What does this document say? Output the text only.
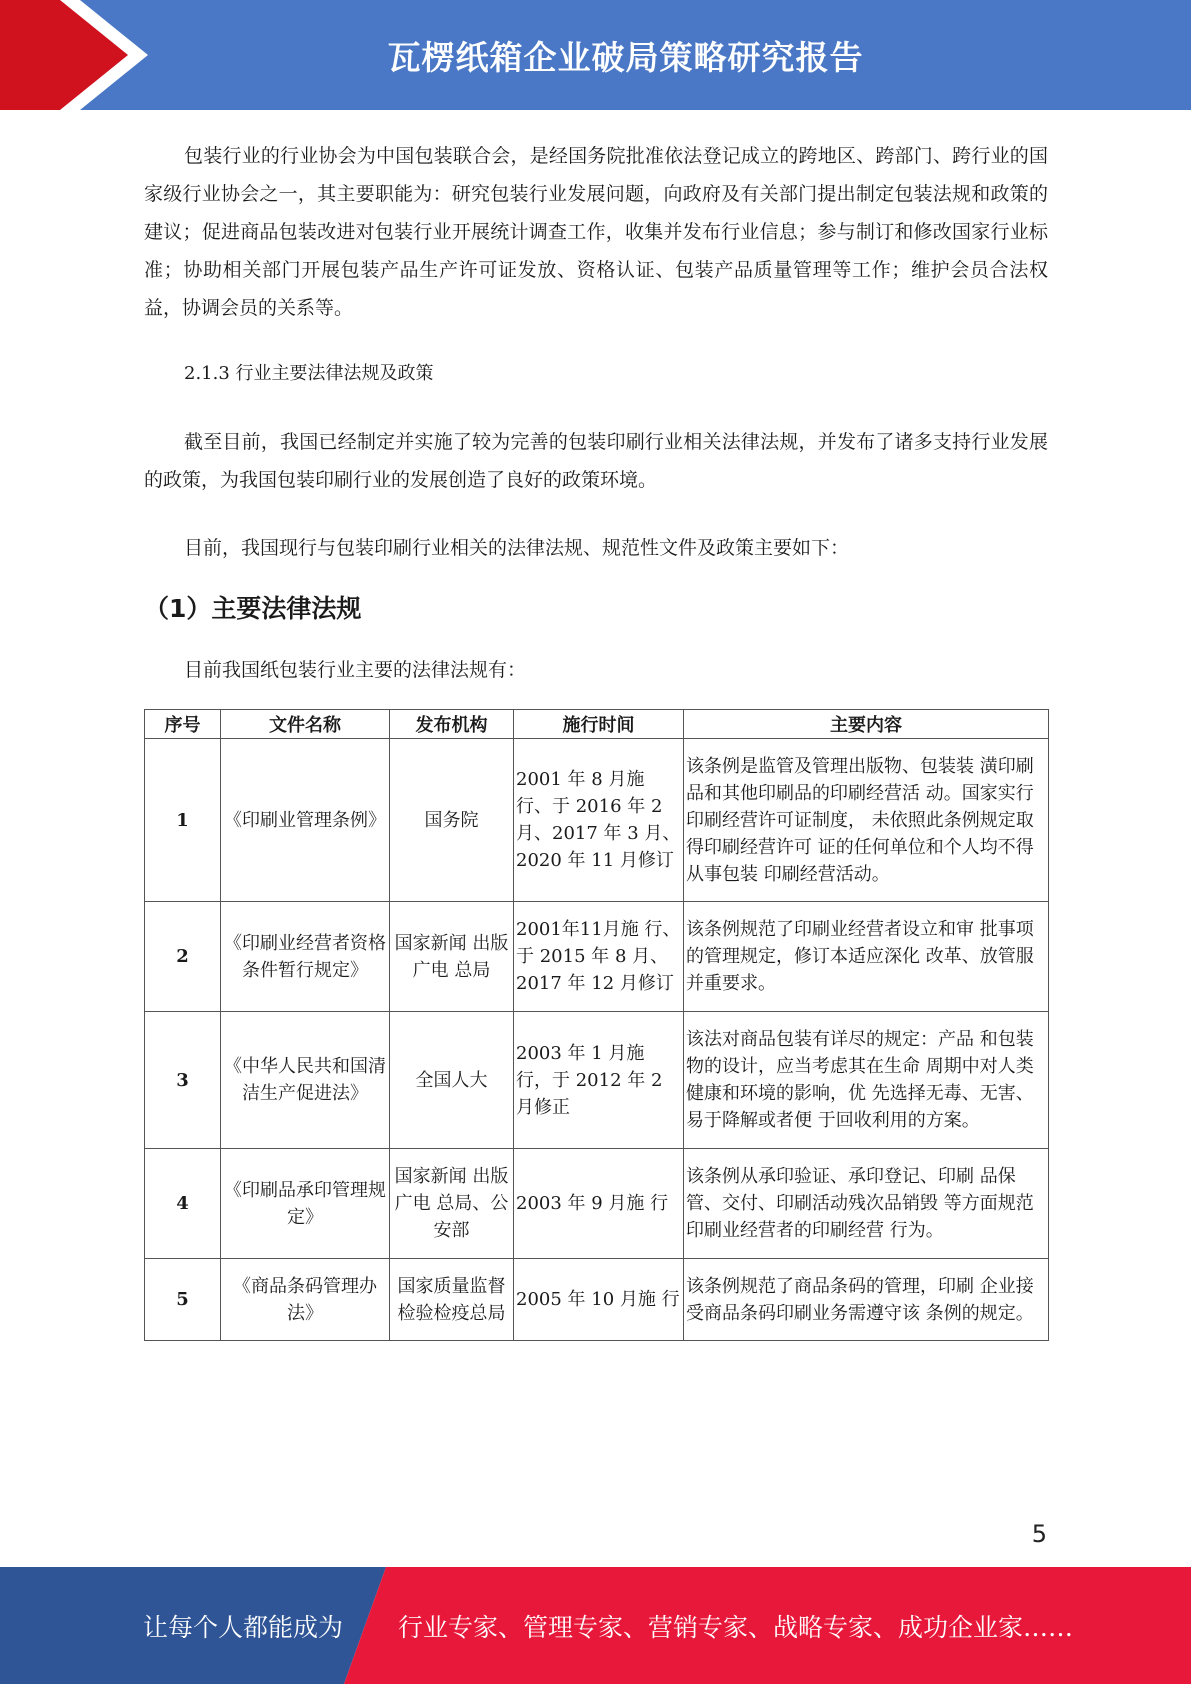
瓦楞纸箱企业破局策略研究报告

包装行业的行业协会为中国包装联合会，是经国务院批准依法登记成立的跨地区、跨部门、跨行业的国家级行业协会之一，其主要职能为：研究包装行业发展问题，向政府及有关部门提出制定包装法规和政策的建议；促进商品包装改进对包装行业开展统计调查工作，收集并发布行业信息；参与制订和修改国家行业标准；协助相关部门开展包装产品生产许可证发放、资格认证、包装产品质量管理等工作；维护会员合法权益，协调会员的关系等。

2.1.3 行业主要法律法规及政策

截至目前，我国已经制定并实施了较为完善的包装印刷行业相关法律法规，并发布了诸多支持行业发展的政策，为我国包装印刷行业的发展创造了良好的政策环境。

目前，我国现行与包装印刷行业相关的法律法规、规范性文件及政策主要如下：

（1）主要法律法规

目前我国纸包装行业主要的法律法规有：

序号	文件名称	发布机构	施行时间	主要内容
1	《印刷业管理条例》	国务院	2001 年 8 月施 行、于 2016 年 2 月、2017 年 3 月、2020 年 11 月修订	该条例是监管及管理出版物、包装装 潢印刷品和其他印刷品的印刷经营活 动。国家实行印刷经营许可证制度， 未依照此条例规定取得印刷经营许可 证的任何单位和个人均不得从事包装 印刷经营活动。
2	《印刷业经营者资格条件暂行规定》	国家新闻 出版广电 总局	2001年11月施 行、于 2015 年 8 月、2017 年 12 月修订	该条例规范了印刷业经营者设立和审 批事项的管理规定，修订本适应深化 改革、放管服并重要求。
3	《中华人民共和国清洁生产促进法》	全国人大	2003 年 1 月施 行，于 2012 年 2 月修正	该法对商品包装有详尽的规定：产品 和包装物的设计，应当考虑其在生命 周期中对人类健康和环境的影响，优 先选择无毒、无害、易于降解或者便 于回收利用的方案。
4	《印刷品承印管理规定》	国家新闻 出版广电 总局、公 安部	2003 年 9 月施 行	该条例从承印验证、承印登记、印刷 品保管、交付、印刷活动残次品销毁 等方面规范印刷业经营者的印刷经营 行为。
5	《商品条码管理办法》	国家质量监督检验检疫总局	2005 年 10 月施 行	该条例规范了商品条码的管理，印刷 企业接受商品条码印刷业务需遵守该 条例的规定。
5
让每个人都能成为 行业专家、管理专家、营销专家、战略专家、成功企业家……
